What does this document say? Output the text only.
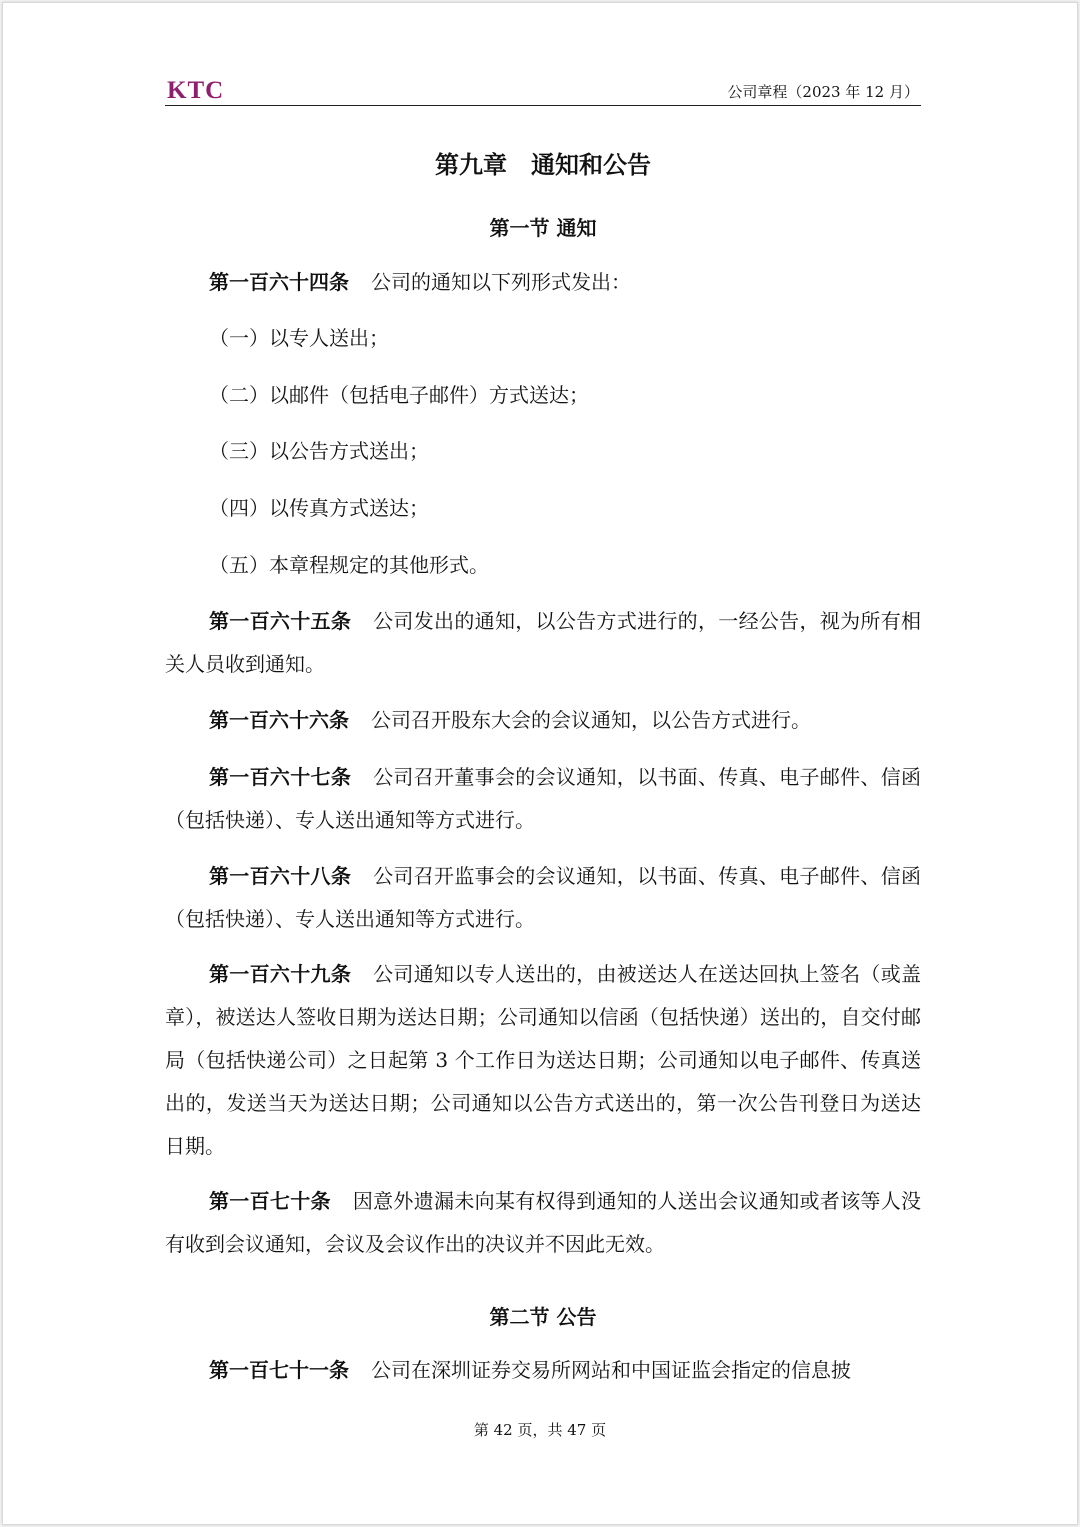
KTC	公司章程（2023 年 12 月）
第九章　通知和公告
第一节 通知
第一百六十四条 公司的通知以下列形式发出：
（一）以专人送出；
（二）以邮件（包括电子邮件）方式送达；
（三）以公告方式送出；
（四）以传真方式送达；
（五）本章程规定的其他形式。
第一百六十五条 公司发出的通知，以公告方式进行的，一经公告，视为所有相关人员收到通知。
第一百六十六条 公司召开股东大会的会议通知，以公告方式进行。
第一百六十七条 公司召开董事会的会议通知，以书面、传真、电子邮件、信函（包括快递）、专人送出通知等方式进行。
第一百六十八条 公司召开监事会的会议通知，以书面、传真、电子邮件、信函（包括快递）、专人送出通知等方式进行。
第一百六十九条 公司通知以专人送出的，由被送达人在送达回执上签名（或盖章），被送达人签收日期为送达日期；公司通知以信函（包括快递）送出的，自交付邮局（包括快递公司）之日起第 3 个工作日为送达日期；公司通知以电子邮件、传真送出的，发送当天为送达日期；公司通知以公告方式送出的，第一次公告刊登日为送达日期。
第一百七十条 因意外遗漏未向某有权得到通知的人送出会议通知或者该等人没有收到会议通知，会议及会议作出的决议并不因此无效。
第二节 公告
第一百七十一条 公司在深圳证券交易所网站和中国证监会指定的信息披
第 42 页，共 47 页
